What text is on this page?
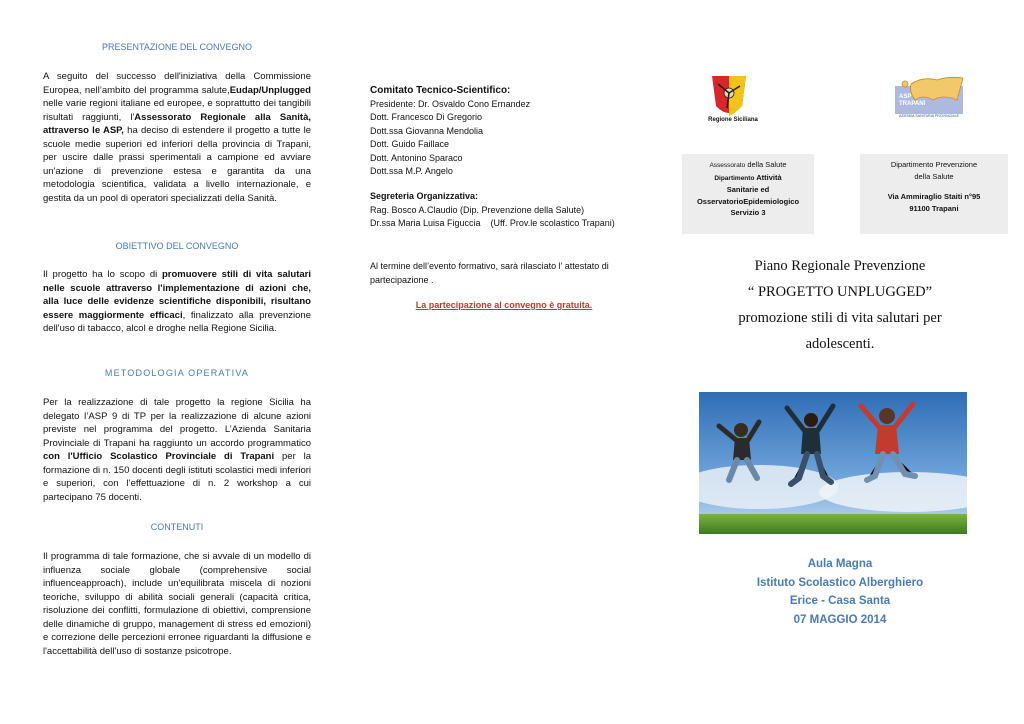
PRESENTAZIONE DEL CONVEGNO
A seguito del successo dell'iniziativa della Commissione Europea, nell’ambito del programma salute,Eudap/Unplugged nelle varie regioni italiane ed europee, e soprattutto dei tangibili risultati raggiunti, l'Assessorato Regionale alla Sanità, attraverso le ASP, ha deciso di estendere il progetto a tutte le scuole medie superiori ed inferiori della provincia di Trapani, per uscire dalle prassi sperimentali a campione ed avviare un'azione di prevenzione estesa e garantita da una metodologia scientifica, validata a livello internazionale, e gestita da un pool di operatori specializzati della Sanità.
OBIETTIVO DEL CONVEGNO
Il progetto ha lo scopo di promuovere stili di vita salutari nelle scuole attraverso l'implementazione di azioni che, alla luce delle evidenze scientifiche disponibili, risultano essere maggiormente efficaci, finalizzato alla prevenzione dell'uso di tabacco, alcol e droghe nella Regione Sicilia.
METODOLOGIA OPERATIVA
Per la realizzazione di tale progetto la regione Sicilia ha delegato l’ASP 9 di TP per la realizzazione di alcune azioni previste nel programma del progetto. L’Azienda Sanitaria Provinciale di Trapani ha raggiunto un accordo programmatico con l'Ufficio Scolastico Provinciale di Trapani per la formazione di n. 150 docenti degli istituti scolastici medi inferiori e superiori, con l’effettuazione di n. 2 workshop a cui partecipano 75 docenti.
CONTENUTI
Il programma di tale formazione, che si avvale di un modello di influenza sociale globale (comprehensive social influenceapproach), include un'equilibrata miscela di nozioni teoriche, sviluppo di abilità sociali generali (capacità critica, risoluzione dei conflitti, formulazione di obiettivi, comprensione delle dinamiche di gruppo, management di stress ed emozioni) e correzione delle percezioni erronee riguardanti la diffusione e l'accettabilità dell'uso di sostanze psicotrope.
Comitato Tecnico-Scientifico:
Presidente: Dr. Osvaldo Cono Ernandez
Dott. Francesco Di Gregorio
Dott.ssa Giovanna Mendolia
Dott. Guido Faillace
Dott. Antonino Sparaco
Dott.ssa M.P. Angelo
Segreteria Organizzativa:
Rag. Bosco A.Claudio (Dip. Prevenzione della Salute)
Dr.ssa Maria Luisa Figuccia    (Uff. Prov.le scolastico Trapani)
Al termine dell’evento formativo, sarà rilasciato l’ attestato di partecipazione .
La partecipazione al convegno è gratuita.
Regione Siciliana
ASP
TRAPANI
AZIENDA SANITARIA PROVINCIALE
Assessorato della Salute
Dipartimento Attività
Sanitarie ed
OsservatorioEpidemiologico
Servizio 3
Dipartimento Prevenzione
della Salute
Via Ammiraglio Staiti n°95
91100 Trapani
Piano Regionale Prevenzione
“ PROGETTO UNPLUGGED”
promozione stili di vita salutari per
adolescenti.
Aula Magna
Istituto Scolastico Alberghiero
Erice - Casa Santa
07 MAGGIO 2014
